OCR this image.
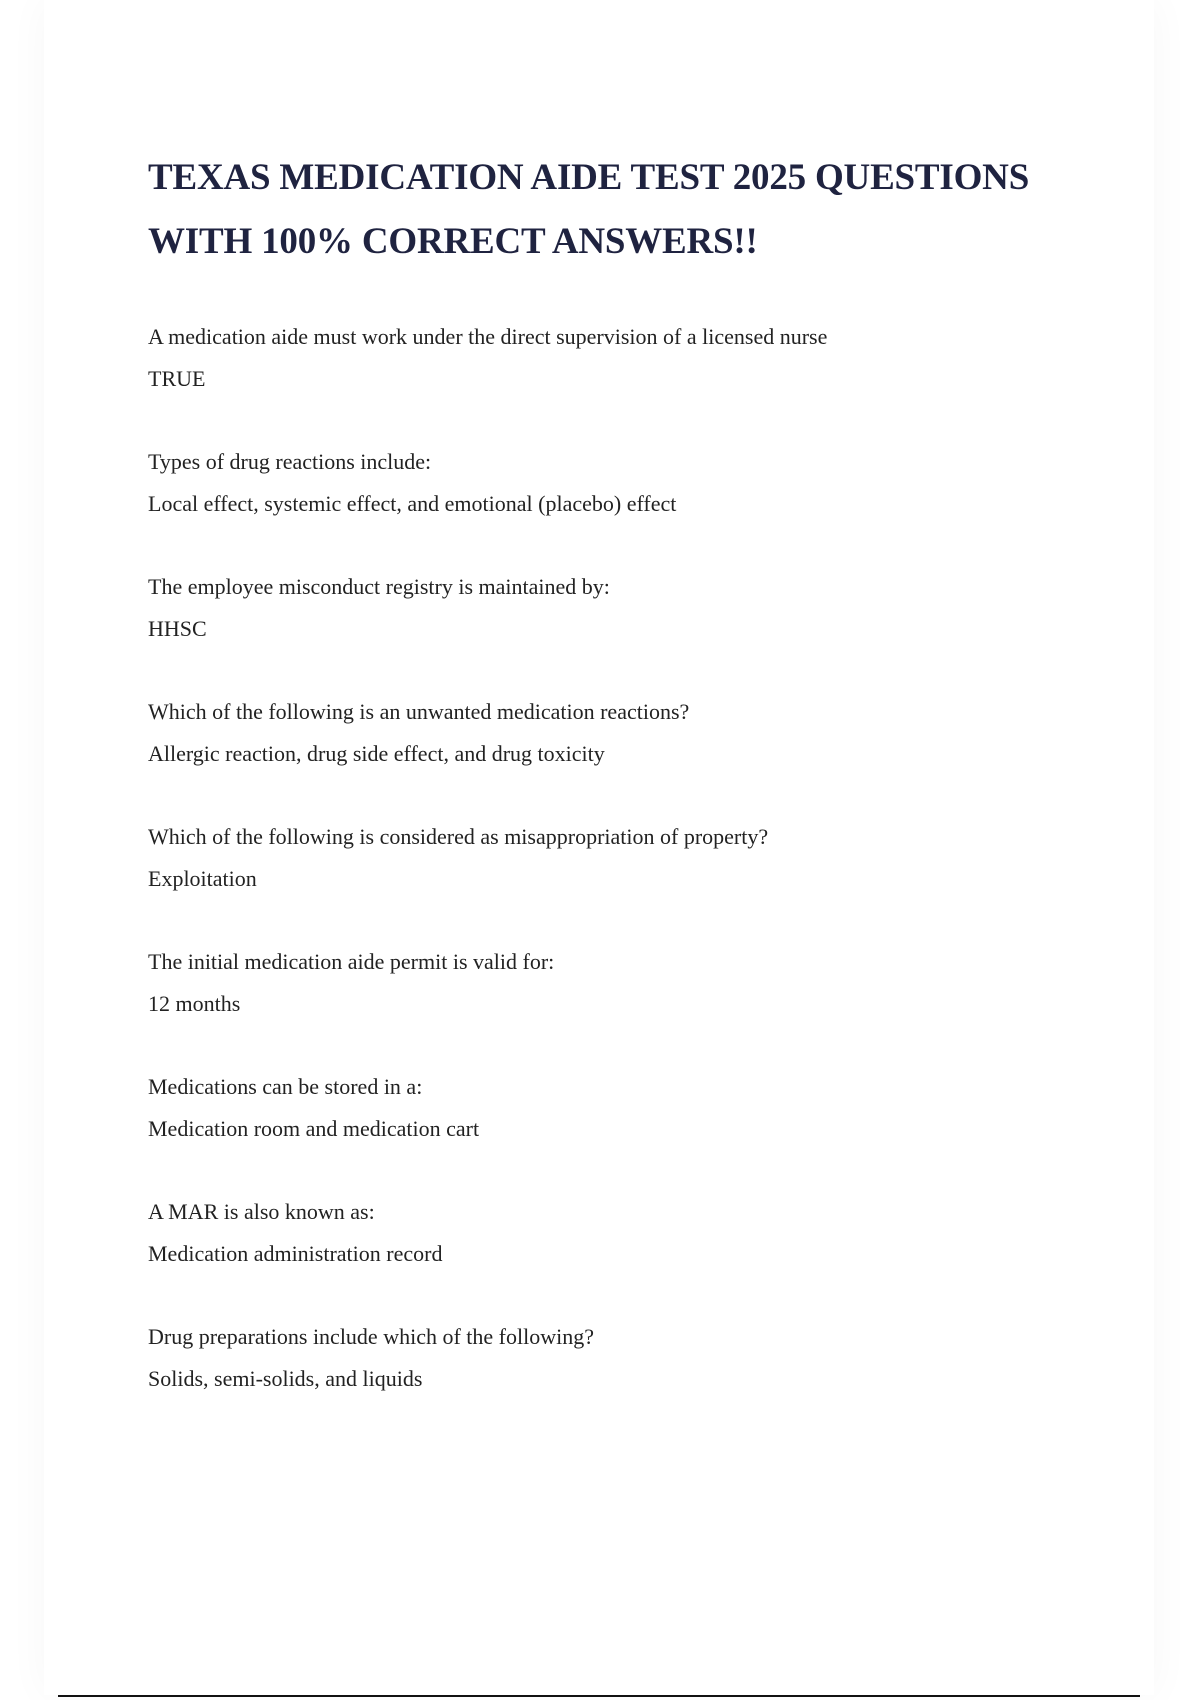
TEXAS MEDICATION AIDE TEST 2025 QUESTIONS
WITH 100% CORRECT ANSWERS!!
A medication aide must work under the direct supervision of a licensed nurse
TRUE
Types of drug reactions include:
Local effect, systemic effect, and emotional (placebo) effect
The employee misconduct registry is maintained by:
HHSC
Which of the following is an unwanted medication reactions?
Allergic reaction, drug side effect, and drug toxicity
Which of the following is considered as misappropriation of property?
Exploitation
The initial medication aide permit is valid for:
12 months
Medications can be stored in a:
Medication room and medication cart
A MAR is also known as:
Medication administration record
Drug preparations include which of the following?
Solids, semi-solids, and liquids
